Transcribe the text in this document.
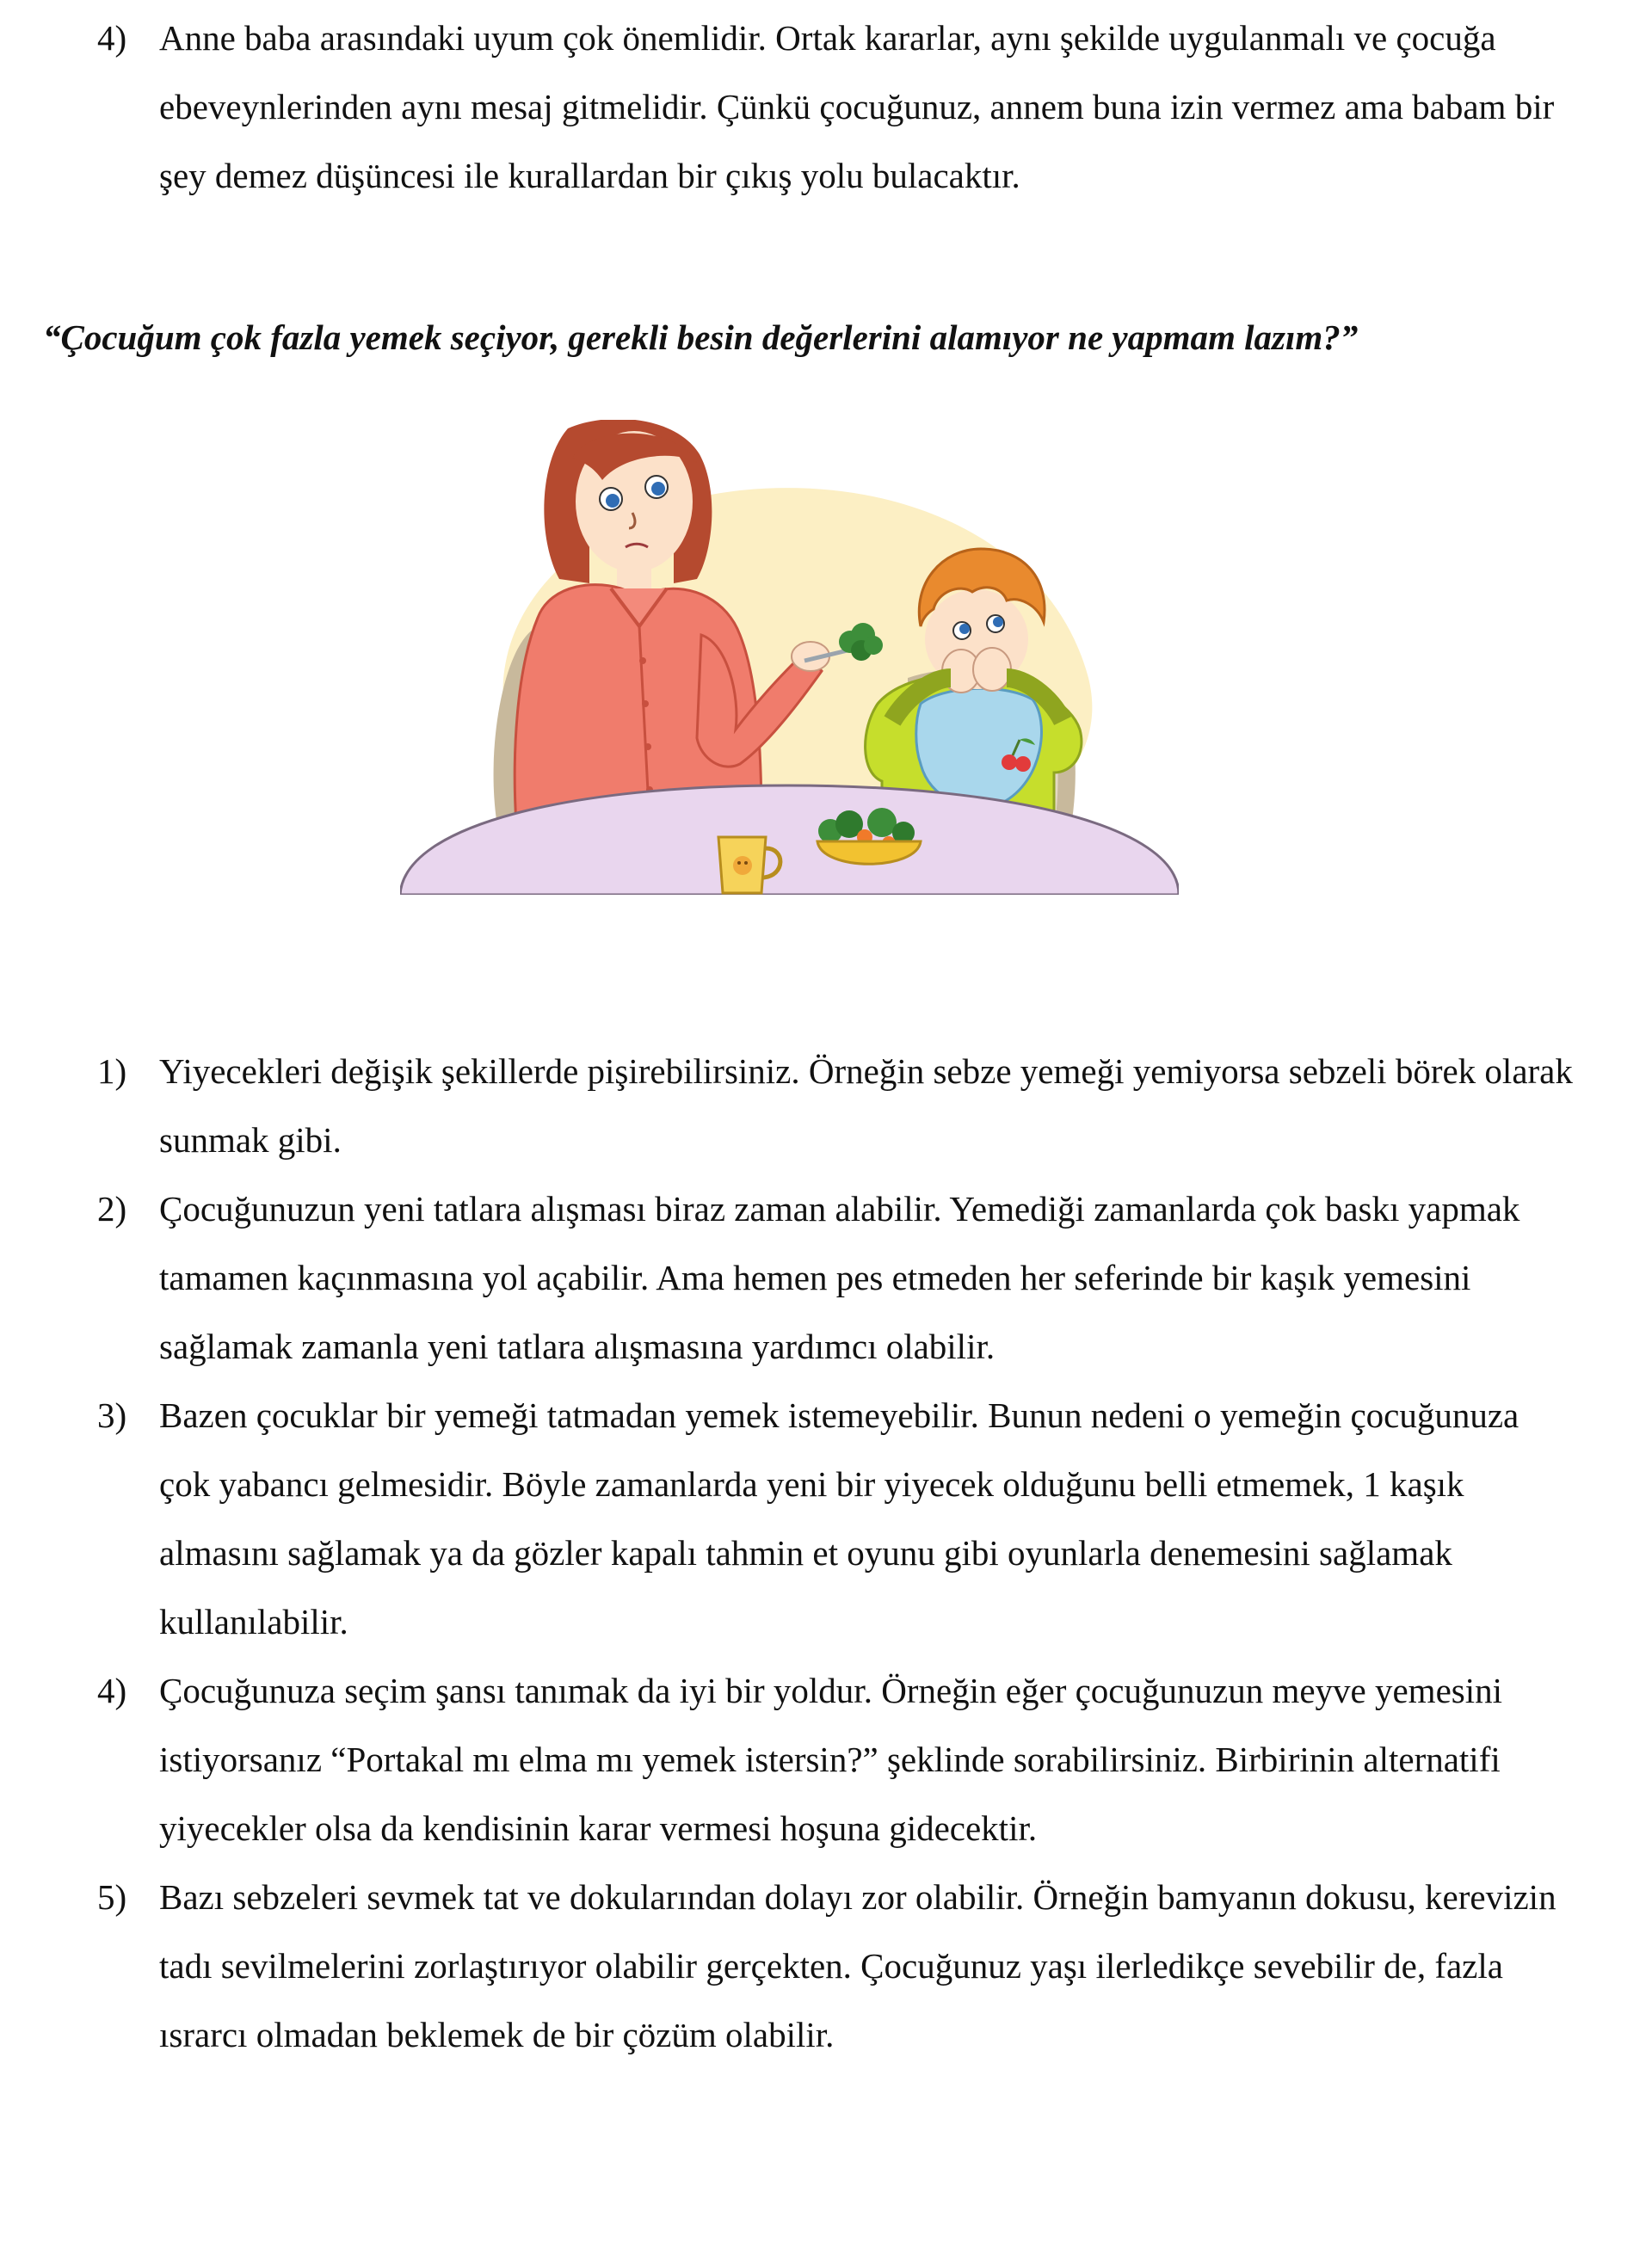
4) Anne baba arasındaki uyum çok önemlidir. Ortak kararlar, aynı şekilde uygulanmalı ve çocuğa ebeveynlerinden aynı mesaj gitmelidir. Çünkü çocuğunuz, annem buna izin vermez ama babam bir şey demez düşüncesi ile kurallardan bir çıkış yolu bulacaktır.

“Çocuğum çok fazla yemek seçiyor, gerekli besin değerlerini alamıyor ne yapmam lazım?”

1) Yiyecekleri değişik şekillerde pişirebilirsiniz. Örneğin sebze yemeği yemiyorsa sebzeli börek olarak sunmak gibi.
2) Çocuğunuzun yeni tatlara alışması biraz zaman alabilir. Yemediği zamanlarda çok baskı yapmak tamamen kaçınmasına yol açabilir. Ama hemen pes etmeden her seferinde bir kaşık yemesini sağlamak zamanla yeni tatlara alışmasına yardımcı olabilir.
3) Bazen çocuklar bir yemeği tatmadan yemek istemeyebilir. Bunun nedeni o yemeğin çocuğunuza çok yabancı gelmesidir. Böyle zamanlarda yeni bir yiyecek olduğunu belli etmemek, 1 kaşık almasını sağlamak ya da gözler kapalı tahmin et oyunu gibi oyunlarla denemesini sağlamak kullanılabilir.
4) Çocuğunuza seçim şansı tanımak da iyi bir yoldur. Örneğin eğer çocuğunuzun meyve yemesini istiyorsanız “Portakal mı elma mı yemek istersin?” şeklinde sorabilirsiniz. Birbirinin alternatifi yiyecekler olsa da kendisinin karar vermesi hoşuna gidecektir.
5) Bazı sebzeleri sevmek tat ve dokularından dolayı zor olabilir. Örneğin bamyanın dokusu, kerevizin tadı sevilmelerini zorlaştırıyor olabilir gerçekten. Çocuğunuz yaşı ilerledikçe sevebilir de, fazla ısrarcı olmadan beklemek de bir çözüm olabilir.
